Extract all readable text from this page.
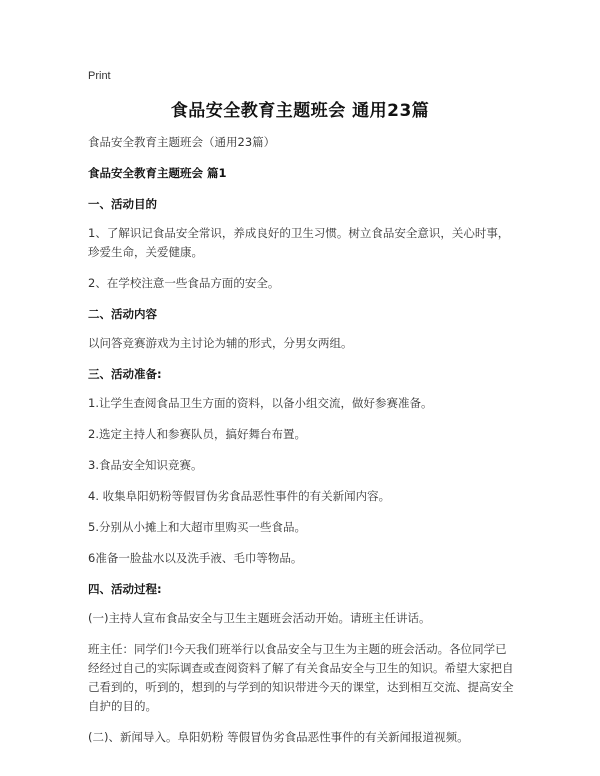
Print
食品安全教育主题班会 通用23篇

食品安全教育主题班会（通用23篇）

食品安全教育主题班会 篇1

一、活动目的

1、了解识记食品安全常识，养成良好的卫生习惯。树立食品安全意识，关心时事，珍爱生命，关爱健康。

2、在学校注意一些食品方面的安全。

二、活动内容

以问答竞赛游戏为主讨论为辅的形式，分男女两组。

三、活动准备:

1.让学生查阅食品卫生方面的资料，以备小组交流，做好参赛准备。

2.选定主持人和参赛队员，搞好舞台布置。

3.食品安全知识竞赛。

4. 收集阜阳奶粉等假冒伪劣食品恶性事件的有关新闻内容。

5.分别从小摊上和大超市里购买一些食品。

6准备一脸盐水以及洗手液、毛巾等物品。

四、活动过程:

(一)主持人宣布食品安全与卫生主题班会活动开始。请班主任讲话。

班主任：同学们!今天我们班举行以食品安全与卫生为主题的班会活动。各位同学已经经过自己的实际调查或查阅资料了解了有关食品安全与卫生的知识。希望大家把自己看到的，听到的，想到的与学到的知识带进今天的课堂，达到相互交流、提高安全自护的目的。

(二)、新闻导入。阜阳奶粉 等假冒伪劣食品恶性事件的有关新闻报道视频。
